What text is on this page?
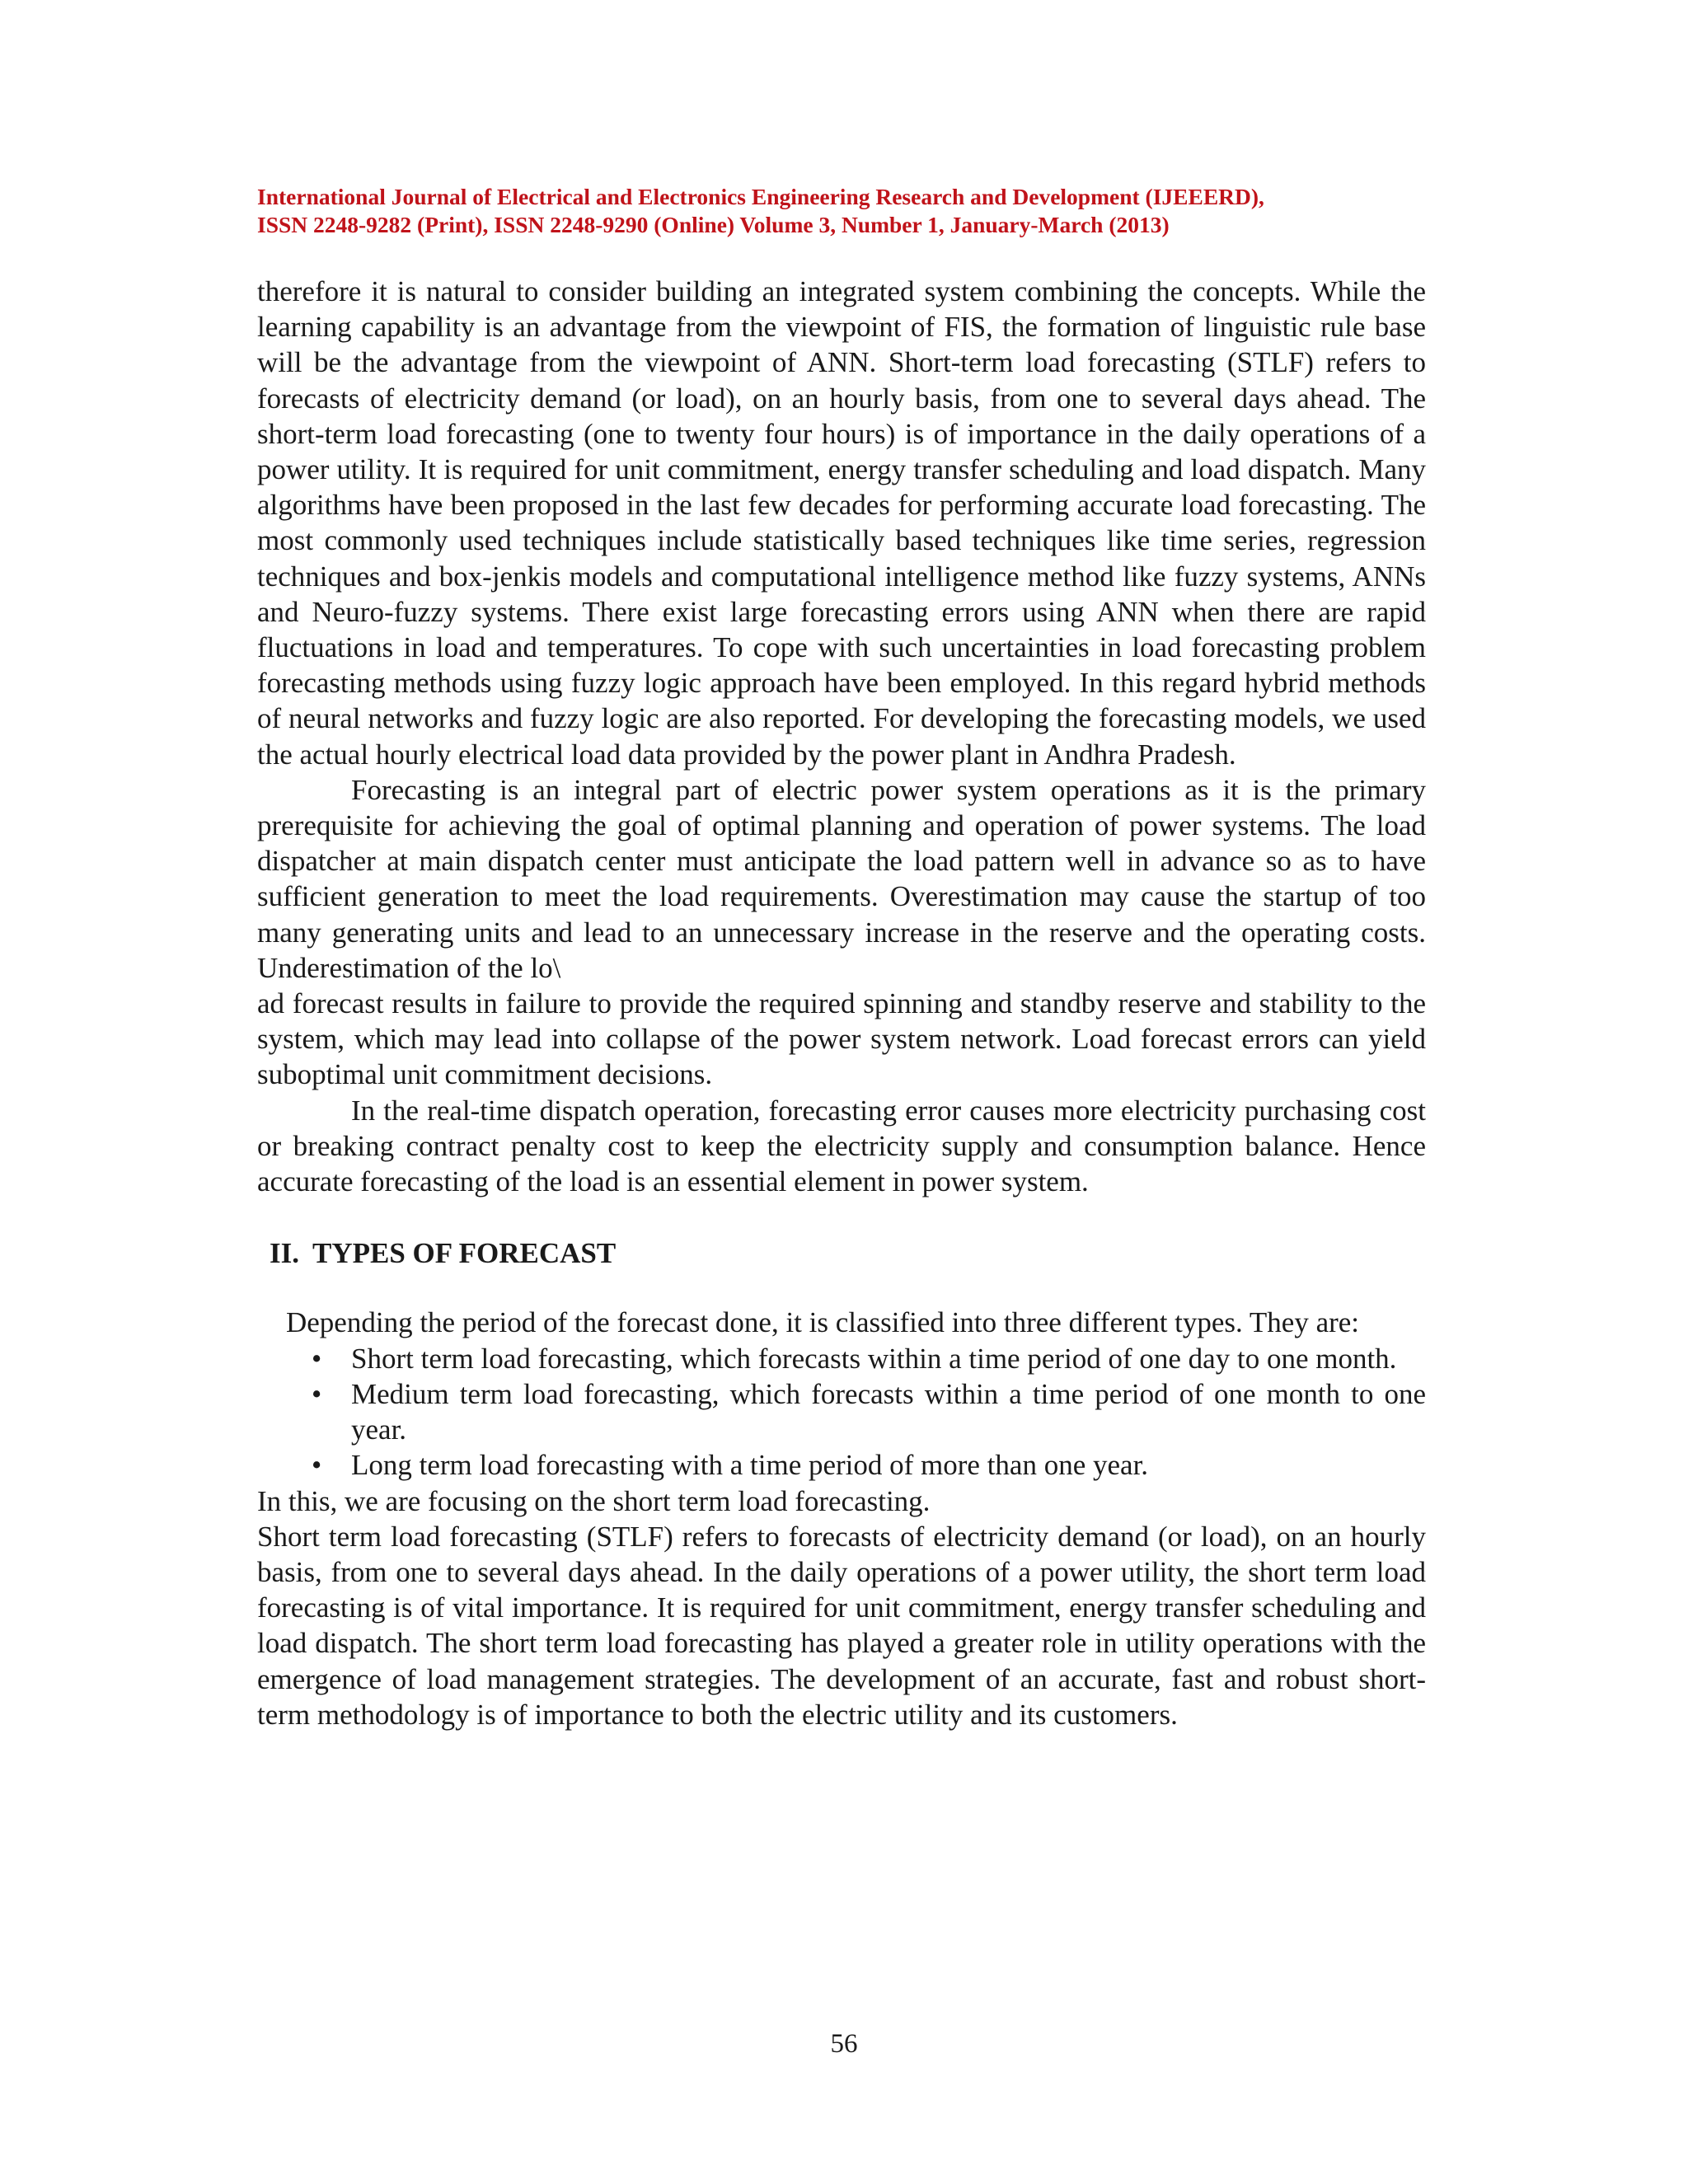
International Journal of Electrical and Electronics Engineering Research and Development (IJEEERD),
ISSN 2248-9282 (Print), ISSN 2248-9290 (Online) Volume 3, Number 1, January-March (2013)

therefore it is natural to consider building an integrated system combining the concepts. While the learning capability is an advantage from the viewpoint of FIS, the formation of linguistic rule base will be the advantage from the viewpoint of ANN. Short-term load forecasting (STLF) refers to forecasts of electricity demand (or load), on an hourly basis, from one to several days ahead. The short-term load forecasting (one to twenty four hours) is of importance in the daily operations of a power utility. It is required for unit commitment, energy transfer scheduling and load dispatch. Many algorithms have been proposed in the last few decades for performing accurate load forecasting. The most commonly used techniques include statistically based techniques like time series, regression techniques and box-jenkis models and computational intelligence method like fuzzy systems, ANNs and Neuro-fuzzy systems. There exist large forecasting errors using ANN when there are rapid fluctuations in load and temperatures. To cope with such uncertainties in load forecasting problem forecasting methods using fuzzy logic approach have been employed. In this regard hybrid methods of neural networks and fuzzy logic are also reported. For developing the forecasting models, we used the actual hourly electrical load data provided by the power plant in Andhra Pradesh.

Forecasting is an integral part of electric power system operations as it is the primary prerequisite for achieving the goal of optimal planning and operation of power systems. The load dispatcher at main dispatch center must anticipate the load pattern well in advance so as to have sufficient generation to meet the load requirements. Overestimation may cause the startup of too many generating units and lead to an unnecessary increase in the reserve and the operating costs. Underestimation of the lo\

ad forecast results in failure to provide the required spinning and standby reserve and stability to the system, which may lead into collapse of the power system network. Load forecast errors can yield suboptimal unit commitment decisions.

In the real-time dispatch operation, forecasting error causes more electricity purchasing cost or breaking contract penalty cost to keep the electricity supply and consumption balance. Hence accurate forecasting of the load is an essential element in power system.

II. TYPES OF FORECAST

Depending the period of the forecast done, it is classified into three different types. They are:

• Short term load forecasting, which forecasts within a time period of one day to one month.
• Medium term load forecasting, which forecasts within a time period of one month to one year.
• Long term load forecasting with a time period of more than one year.

In this, we are focusing on the short term load forecasting.

Short term load forecasting (STLF) refers to forecasts of electricity demand (or load), on an hourly basis, from one to several days ahead. In the daily operations of a power utility, the short term load forecasting is of vital importance. It is required for unit commitment, energy transfer scheduling and load dispatch. The short term load forecasting has played a greater role in utility operations with the emergence of load management strategies. The development of an accurate, fast and robust short-term methodology is of importance to both the electric utility and its customers.

56
